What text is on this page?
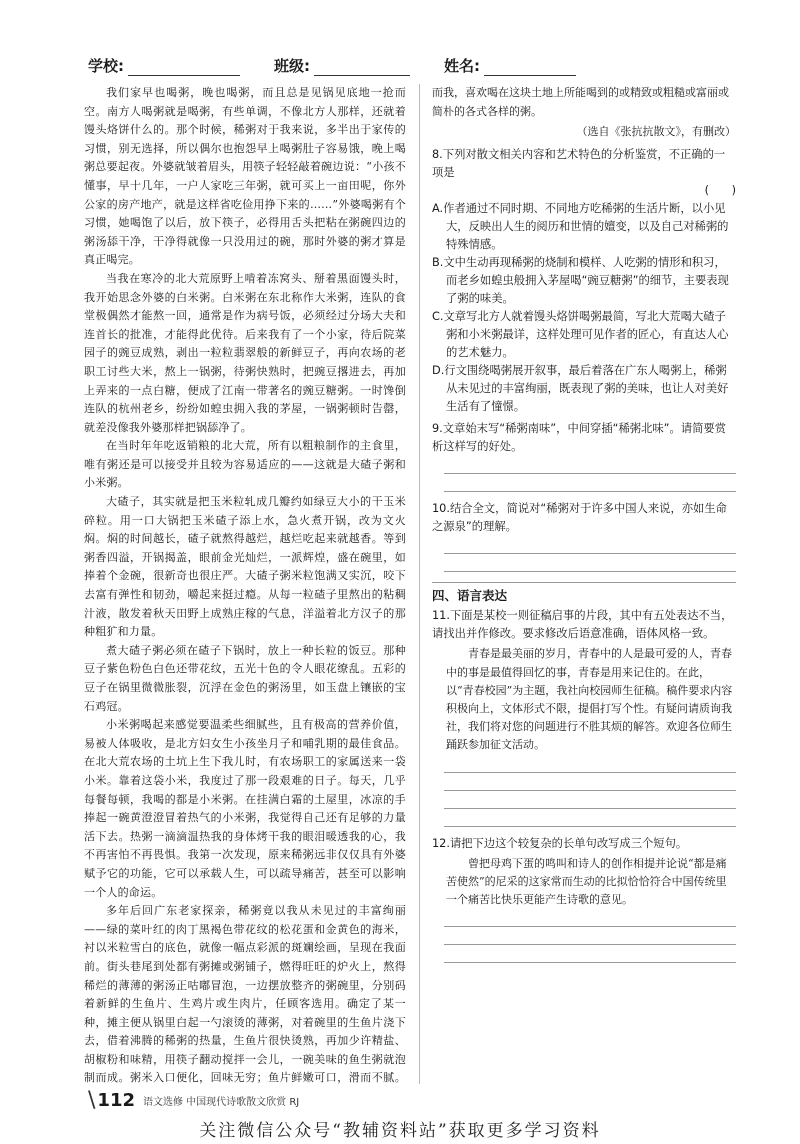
学校:	班级:	姓名:

我们家早也喝粥，晚也喝粥，而且总是见锅见底地一抢而空。南方人喝粥就是喝粥，有些单调，不像北方人那样，还就着馒头烙饼什么的。那个时候，稀粥对于我来说，多半出于家传的习惯，别无选择，所以偶尔也抱怨早上喝粥肚子容易饿，晚上喝粥总要起夜。外婆就皱着眉头，用筷子轻轻敲着碗边说：“小孩不懂事，早十几年，一户人家吃三年粥，就可买上一亩田呢，你外公家的房产地产，就是这样省吃俭用挣下来的……”外婆喝粥有个习惯，她喝饱了以后，放下筷子，必得用舌头把粘在粥碗四边的粥汤舔干净，干净得就像一只没用过的碗，那时外婆的粥才算是真正喝完。

当我在寒冷的北大荒原野上啃着冻窝头、掰着黑面馒头时，我开始思念外婆的白米粥。白米粥在东北称作大米粥，连队的食堂极偶然才能熬一回，通常是作为病号饭，必须经过分场大夫和连首长的批准，才能得此优待。后来我有了一个小家，待后院菜园子的豌豆成熟，剥出一粒粒翡翠般的新鲜豆子，再向农场的老职工讨些大米，熬上一锅粥，待粥快熟时，把豌豆撂进去，再加上弄来的一点白糖，便成了江南一带著名的豌豆糖粥。一时馋倒连队的杭州老乡，纷纷如蝗虫拥入我的茅屋，一锅粥顿时告罄，就差没像我外婆那样把锅舔净了。

在当时年年吃返销粮的北大荒，所有以粗粮制作的主食里，唯有粥还是可以接受并且较为容易适应的——这就是大碴子粥和小米粥。

大碴子，其实就是把玉米粒轧成几瓣约如绿豆大小的干玉米碎粒。用一口大锅把玉米碴子添上水，急火煮开锅，改为文火焖。焖的时间越长，碴子就熬得越烂，越烂吃起来就越香。等到粥香四溢，开锅揭盖，眼前金光灿烂，一派辉煌，盛在碗里，如捧着个金碗，很新奇也很庄严。大碴子粥米粒饱满又实沉，咬下去富有弹性和韧劲，嚼起来挺过瘾。从每一粒碴子里熬出的粘稠汁液，散发着秋天田野上成熟庄稼的气息，洋溢着北方汉子的那种粗犷和力量。

煮大碴子粥必须在碴子下锅时，放上一种长粒的饭豆。那种豆子紫色粉色白色还带花纹，五光十色的令人眼花缭乱。五彩的豆子在锅里微微胀裂，沉浮在金色的粥汤里，如玉盘上镶嵌的宝石鸡冠。

小米粥喝起来感觉要温柔些细腻些，且有极高的营养价值，易被人体吸收，是北方妇女生小孩坐月子和哺乳期的最佳食品。在北大荒农场的土坑上生下我儿时，有农场职工的家属送来一袋小米。靠着这袋小米，我度过了那一段艰难的日子。每天，几乎每餐每顿，我喝的都是小米粥。在挂满白霜的土屋里，冰凉的手捧起一碗黄澄澄冒着热气的小米粥，我觉得自己还有足够的力量活下去。热粥一滴滴温热我的身体烤干我的眼泪暖透我的心，我不再害怕不再畏惧。我第一次发现，原来稀粥远非仅仅具有外婆赋予它的功能，它可以承载人生，可以疏导痛苦，甚至可以影响一个人的命运。

多年后回广东老家探亲，稀粥竟以我从未见过的丰富绚丽——绿的菜叶红的肉丁黑褐色带花纹的松花蛋和金黄色的海米，衬以米粒雪白的底色，就像一幅点彩派的斑斓绘画，呈现在我面前。街头巷尾到处都有粥摊或粥铺子，燃得旺旺的炉火上，熬得稀烂的薄薄的粥汤正咕嘟冒泡，一边摆放整齐的粥碗里，分别码着新鲜的生鱼片、生鸡片或生肉片，任顾客选用。确定了某一种，摊主便从锅里白起一勺滚烫的薄粥，对着碗里的生鱼片浇下去，借着沸腾的稀粥的热量，生鱼片很快烫熟，再加少许精盐、胡椒粉和味精，用筷子翻动搅拌一会儿，一碗美味的鱼生粥就泡制而成。粥米入口便化，回味无穷；鱼片鲜嫩可口，滑而不腻。

而我，喜欢喝在这块土地上所能喝到的或精致或粗糙或富丽或简朴的各式各样的粥。

（选自《张抗抗散文》，有删改）
8.下列对散文相关内容和艺术特色的分析鉴赏，不正确的一项是
(　　)

A.作者通过不同时期、不同地方吃稀粥的生活片断，以小见大，反映出人生的阅历和世情的嬗变，以及自己对稀粥的特殊情感。

B.文中生动再现稀粥的烧制和模样、人吃粥的情形和积习，而老乡如蝗虫般拥入茅屋喝“豌豆糖粥”的细节，主要表现了粥的味美。

C.文章写北方人就着馒头烙饼喝粥最简，写北大荒喝大碴子粥和小米粥最详，这样处理可见作者的匠心，有直达人心的艺术魅力。

D.行文围绕喝粥展开叙事，最后着落在广东人喝粥上，稀粥从未见过的丰富绚丽，既表现了粥的美味，也让人对美好生活有了憧憬。

9.文章始末写“稀粥南味”，中间穿插“稀粥北味”。请简要赏析这样写的好处。

10.结合全文，简说对“稀粥对于许多中国人来说，亦如生命之源泉”的理解。

四、语言表达

11.下面是某校一则征稿启事的片段，其中有五处表达不当，请找出并作修改。要求修改后语意准确，语体风格一致。

青春是最美丽的岁月，青春中的人是最可爱的人，青春中的事是最值得回忆的事，青春是用来记住的。在此，以“青春校园”为主题，我社向校园师生征稿。稿件要求内容积极向上，文体形式不限，提倡打写个性。有疑问请质询我社，我们将对您的问题进行不胜其烦的解答。欢迎各位师生踊跃参加征文活动。

12.请把下边这个较复杂的长单句改写成三个短句。

曾把母鸡下蛋的鸣叫和诗人的创作相提并论说“都是痛苦使然”的尼采的这家常而生动的比拟恰恰符合中国传统里一个痛苦比快乐更能产生诗歌的意见。

\ 112 语文选修 中国现代诗歌散文欣赏 RJ
关注微信公众号“教辅资料站”获取更多学习资料
